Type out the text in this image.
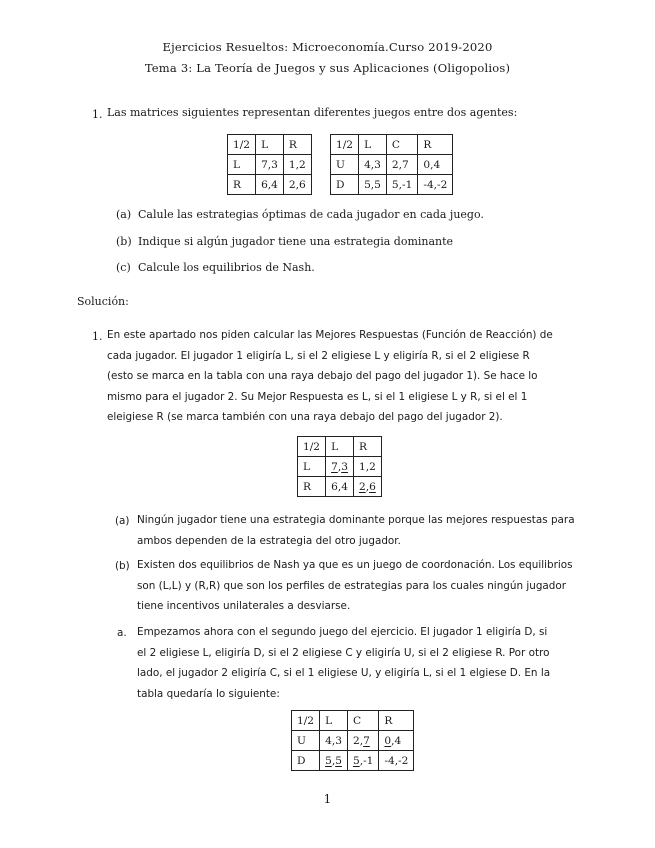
Ejercicios Resueltos: Microeconomía.Curso 2019-2020
Tema 3: La Teoría de Juegos y sus Aplicaciones (Oligopolios)
1. Las matrices siguientes representan diferentes juegos entre dos agentes:
1/2	L	R
L	7,3	1,2
R	6,4	2,6
1/2	L	C	R
U	4,3	2,7	0,4
D	5,5	5,-1	-4,-2
(a) Calule las estrategias óptimas de cada jugador en cada juego.
(b) Indique si algún jugador tiene una estrategia dominante
(c) Calcule los equilibrios de Nash.
Solución:
1. En este apartado nos piden calcular las Mejores Respuestas (Función de Reacción) de
cada jugador. El jugador 1 eligiría L, si el 2 eligiese L y eligiría R, si el 2 eligiese R
(esto se marca en la tabla con una raya debajo del pago del jugador 1). Se hace lo
mismo para el jugador 2. Su Mejor Respuesta es L, si el 1 eligiese L y R, si el el 1
eleigiese R (se marca también con una raya debajo del pago del jugador 2).
1/2	L	R
L	7,3	1,2
R	6,4	2,6
(a) Ningún jugador tiene una estrategia dominante porque las mejores respuestas para
ambos dependen de la estrategia del otro jugador.
(b) Existen dos equilibrios de Nash ya que es un juego de coordonación. Los equilibrios
son (L,L) y (R,R) que son los perfiles de estrategias para los cuales ningún jugador
tiene incentivos unilaterales a desviarse.
a. Empezamos ahora con el segundo juego del ejercicio. El jugador 1 eligiría D, si
el 2 eligiese L, eligiría D, si el 2 eligiese C y eligiría U, si el 2 eligiese R. Por otro
lado, el jugador 2 eligiría C, si el 1 eligiese U, y eligiría L, si el 1 elgiese D. En la
tabla quedaría lo siguiente:
1/2	L	C	R
U	4,3	2,7	0,4
D	5,5	5,-1	-4,-2
1
